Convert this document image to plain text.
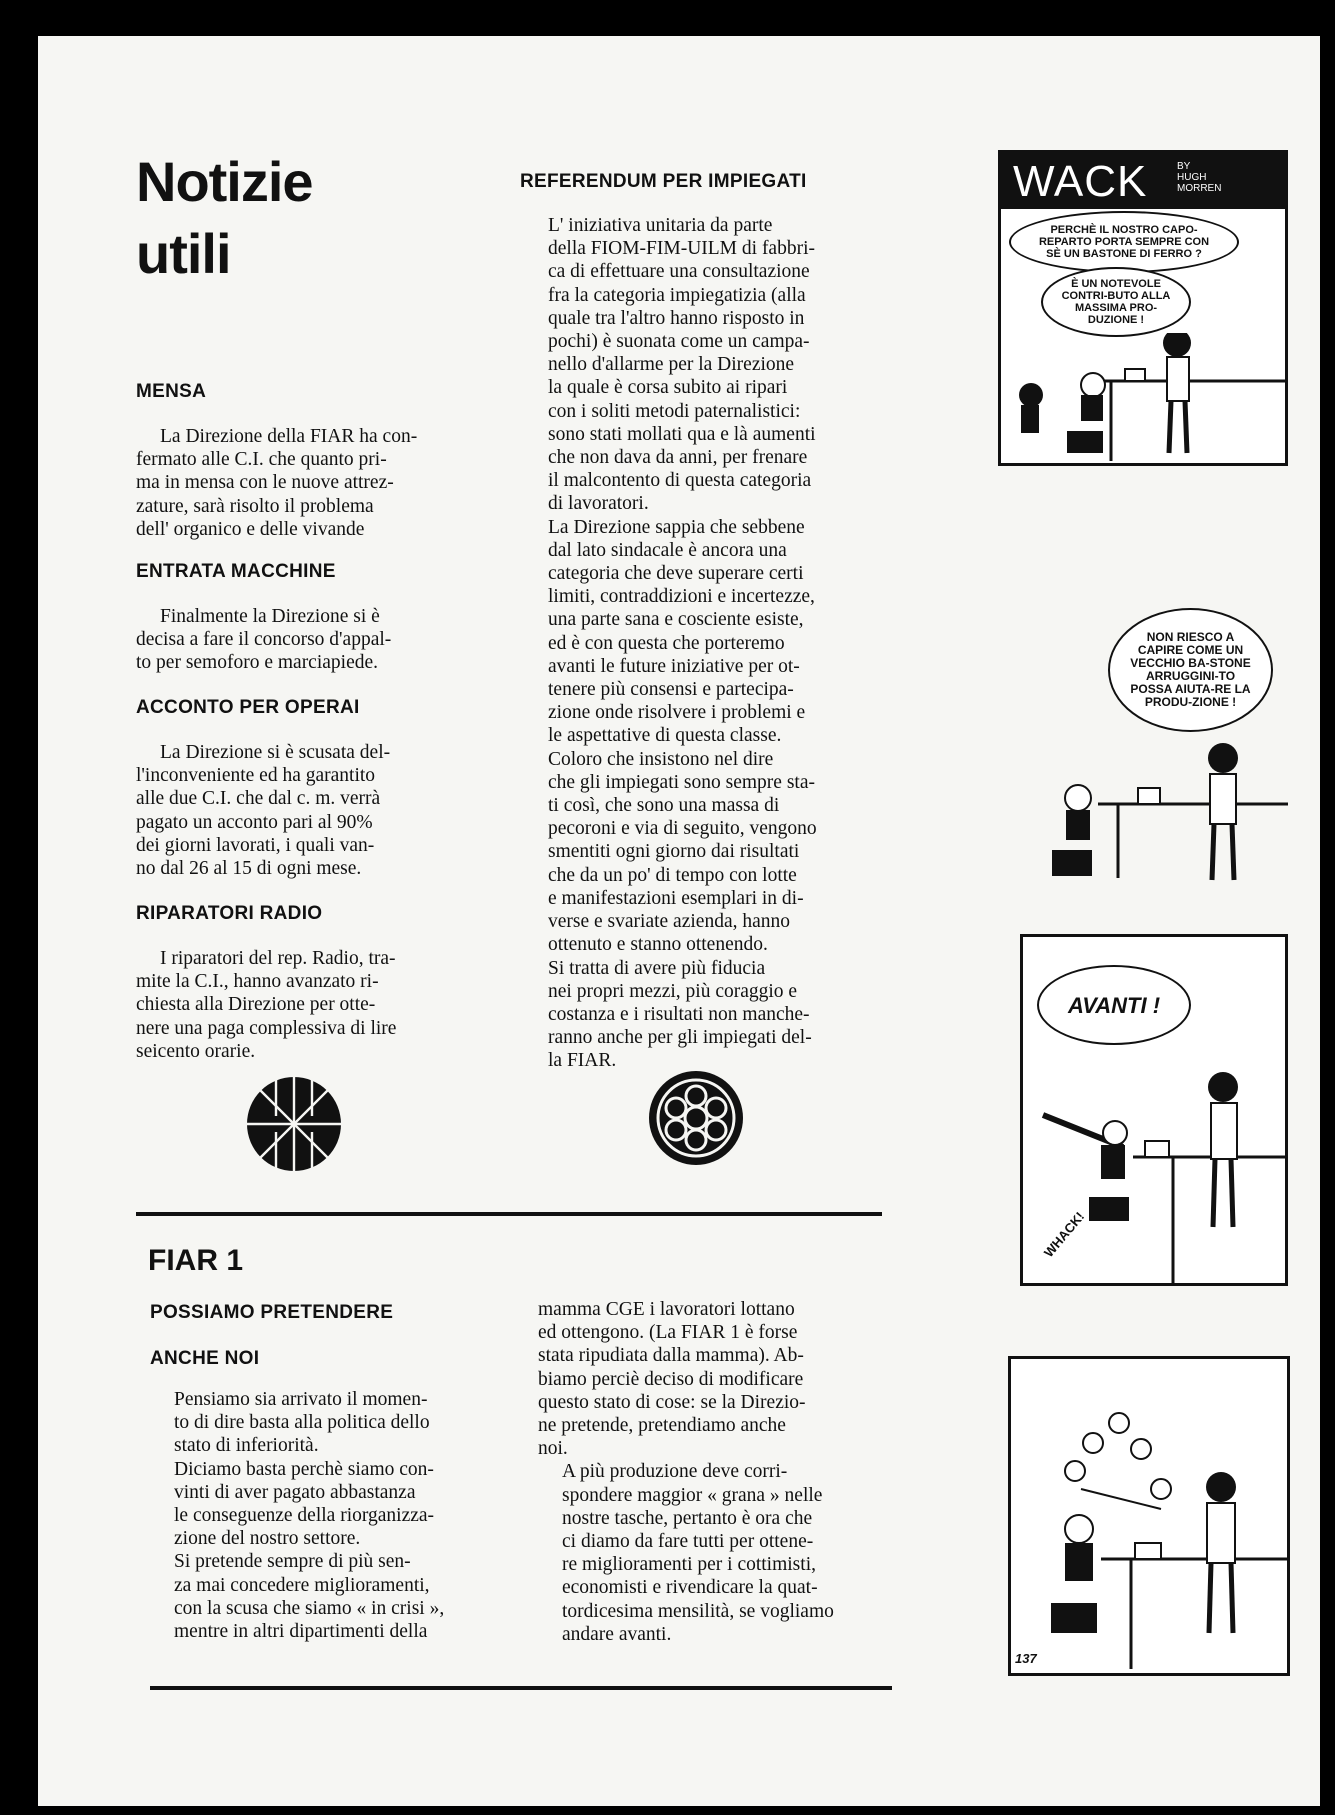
Notizie
utili
MENSA

La Direzione della FIAR ha con-
fermato alle C.I. che quanto pri-
ma in mensa con le nuove attrez-
zature, sarà risolto il problema
dell' organico e delle vivande

ENTRATA MACCHINE

Finalmente la Direzione si è
decisa a fare il concorso d'appal-
to per semoforo e marciapiede.

ACCONTO PER OPERAI

La Direzione si è scusata del-
l'inconveniente ed ha garantito
alle due C.I. che dal c. m. verrà
pagato un acconto pari al 90%
dei giorni lavorati, i quali van-
no dal 26 al 15 di ogni mese.

RIPARATORI RADIO

I riparatori del rep. Radio, tra-
mite la C.I., hanno avanzato ri-
chiesta alla Direzione per otte-
nere una paga complessiva di lire
seicento orarie.

REFERENDUM PER IMPIEGATI

L' iniziativa unitaria da parte
della FIOM-FIM-UILM di fabbri-
ca di effettuare una consultazione
fra la categoria impiegatizia (alla
quale tra l'altro hanno risposto in
pochi) è suonata come un campa-
nello d'allarme per la Direzione
la quale è corsa subito ai ripari
con i soliti metodi paternalistici:
sono stati mollati qua e là aumenti
che non dava da anni, per frenare
il malcontento di questa categoria
di lavoratori.

La Direzione sappia che sebbene
dal lato sindacale è ancora una
categoria che deve superare certi
limiti, contraddizioni e incertezze,
una parte sana e cosciente esiste,
ed è con questa che porteremo
avanti le future iniziative per ot-
tenere più consensi e partecipa-
zione onde risolvere i problemi e
le aspettative di questa classe.

Coloro che insistono nel dire
che gli impiegati sono sempre sta-
ti così, che sono una massa di
pecoroni e via di seguito, vengono
smentiti ogni giorno dai risultati
che da un po' di tempo con lotte
e manifestazioni esemplari in di-
verse e svariate azienda, hanno
ottenuto e stanno ottenendo.

Si tratta di avere più fiducia
nei propri mezzi, più coraggio e
costanza e i risultati non manche-
ranno anche per gli impiegati del-
la FIAR.

FIAR 1
POSSIAMO PRETENDERE
ANCHE NOI

Pensiamo sia arrivato il momen-
to di dire basta alla politica dello
stato di inferiorità.

Diciamo basta perchè siamo con-
vinti di aver pagato abbastanza
le conseguenze della riorganizza-
zione del nostro settore.

Si pretende sempre di più sen-
za mai concedere miglioramenti,
con la scusa che siamo « in crisi »,
mentre in altri dipartimenti della

mamma CGE i lavoratori lottano
ed ottengono. (La FIAR 1 è forse
stata ripudiata dalla mamma). Ab-
biamo perciè deciso di modificare
questo stato di cose: se la Direzio-
ne pretende, pretendiamo anche
noi.

A più produzione deve corri-
spondere maggior « grana » nelle
nostre tasche, pertanto è ora che
ci diamo da fare tutti per ottene-
re miglioramenti per i cottimisti,
economisti e rivendicare la quat-
tordicesima mensilità, se vogliamo
andare avanti.

WACK	BY
HUGH
MORREN
PERCHÈ IL NOSTRO CAPO-REPARTO PORTA SEMPRE CON SÈ UN BASTONE DI FERRO ?
È UN NOTEVOLE CONTRI-BUTO ALLA MASSIMA PRO-DUZIONE !
NON RIESCO A CAPIRE COME UN VECCHIO BA-STONE ARRUGGINI-TO POSSA AIUTA-RE LA PRODU-ZIONE !
AVANTI !
WHACK!
137
